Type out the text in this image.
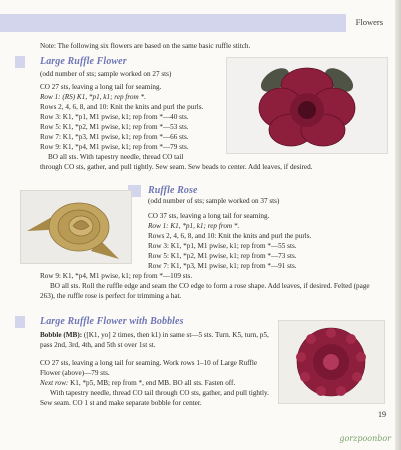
Flowers
Note: The following six flowers are based on the same basic ruffle stitch.
Large Ruffle Flower
(odd number of sts; sample worked on 27 sts)
CO 27 sts, leaving a long tail for seaming.
Row 1: (RS) K1, *p1, k1; rep from *.
Rows 2, 4, 6, 8, and 10: Knit the knits and purl the purls.
Row 3: K1, *p1, M1 pwise, k1; rep from *—40 sts.
Row 5: K1, *p2, M1 pwise, k1; rep from *—53 sts.
Row 7: K1, *p3, M1 pwise, k1; rep from *—66 sts.
Row 9: K1, *p4, M1 pwise, k1; rep from *—79 sts.
BO all sts. With tapestry needle, thread CO tail
through CO sts, gather, and pull tightly. Sew seam. Sew beads to center. Add leaves, if desired.
Ruffle Rose
(odd number of sts; sample worked on 37 sts)
CO 37 sts, leaving a long tail for seaming.
Row 1: K1, *p1, k1; rep from *.
Rows 2, 4, 6, 8, and 10: Knit the knits and purl the purls.
Row 3: K1, *p1, M1 pwise, k1; rep from *—55 sts.
Row 5: K1, *p2, M1 pwise, k1; rep from *—73 sts.
Row 7: K1, *p3, M1 pwise, k1; rep from *—91 sts.
Row 9: K1, *p4, M1 pwise, k1; rep from *—109 sts.
BO all sts. Roll the ruffle edge and seam the CO edge to form a rose shape. Add leaves, if desired. Felted (page 263), the ruffle rose is perfect for trimming a hat.
Large Ruffle Flower with Bobbles
Bobble (MB): ([K1, yo] 2 times, then k1) in same st—5 sts. Turn. K5, turn, p5, pass 2nd, 3rd, 4th, and 5th st over 1st st.
CO 27 sts, leaving a long tail for seaming. Work rows 1–10 of Large Ruffle Flower (above)—79 sts.
Next row: K1, *p5, MB; rep from *, end MB. BO all sts. Fasten off.
With tapestry needle, thread CO tail through CO sts, gather, and pull tightly. Sew seam. CO 1 st and make separate bobble for center.
19
gorzpoonbor
